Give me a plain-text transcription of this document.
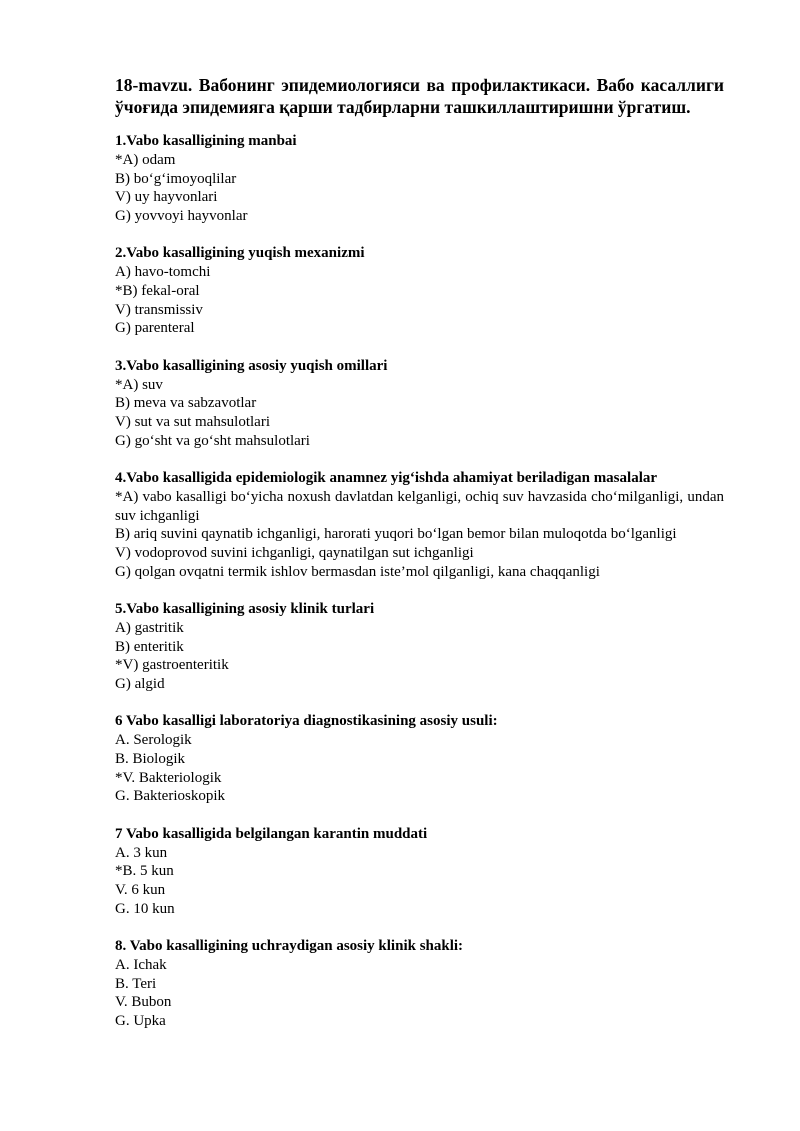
18-mavzu. Вабонинг эпидемиологияси ва профилактикаси. Вабо касаллиги ўчоғида эпидемияга қарши тадбирларни ташкиллаштиришни ўргатиш.

1.Vabo kasalligining manbai

*A) odam

B) bo‘g‘imoyoqlilar

V) uy hayvonlari

G) yovvoyi hayvonlar

2.Vabo kasalligining yuqish mexanizmi

A) havo-tomchi

*B) fekal-oral

V) transmissiv

G) parenteral

3.Vabo kasalligining asosiy yuqish omillari

*A) suv

B) meva va sabzavotlar

V) sut va sut mahsulotlari

G) go‘sht va go‘sht mahsulotlari

4.Vabo kasalligida epidemiologik anamnez yig‘ishda ahamiyat beriladigan masalalar

*A) vabo kasalligi bo‘yicha noxush davlatdan kelganligi, ochiq suv havzasida cho‘milganligi, undan suv ichganligi

B) ariq suvini qaynatib ichganligi, harorati yuqori bo‘lgan bemor bilan muloqotda bo‘lganligi

V) vodoprovod suvini ichganligi, qaynatilgan sut ichganligi

G) qolgan ovqatni termik ishlov bermasdan iste’mol qilganligi, kana chaqqanligi

5.Vabo kasalligining asosiy klinik turlari

A) gastritik

B) enteritik

*V) gastroenteritik

G) algid

6 Vabo kasalligi laboratoriya diagnostikasining asosiy usuli:

A. Serologik

B. Biologik

*V. Bakteriologik

G. Bakterioskopik

7 Vabo kasalligida belgilangan karantin muddati

A. 3 kun

*B. 5 kun

V. 6 kun

G. 10 kun

8. Vabo kasalligining uchraydigan asosiy klinik shakli:

A. Ichak

B. Teri

V. Bubon

G. Upka
